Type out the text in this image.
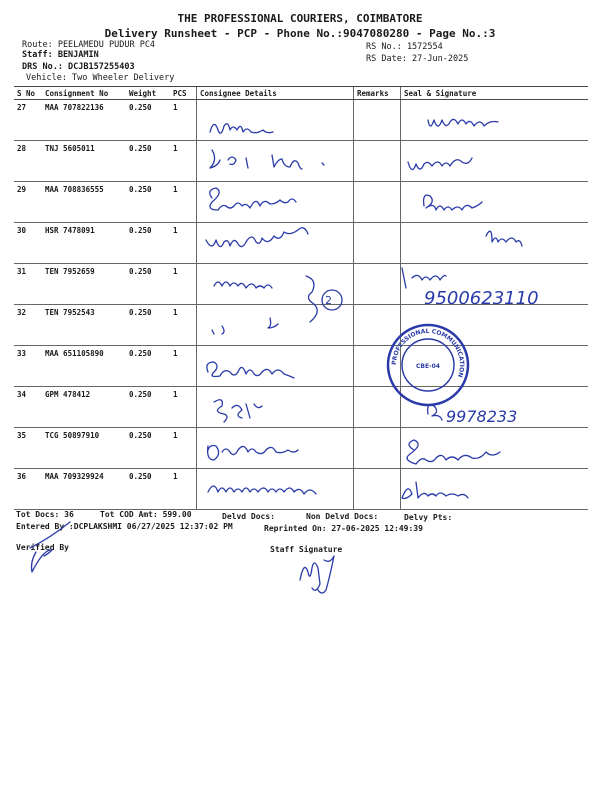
THE PROFESSIONAL COURIERS, COIMBATORE
Delivery Runsheet - PCP - Phone No.:9047080280 - Page No.:3
Route: PEELAMEDU PUDUR PC4
Staff: BENJAMIN
DRS No.: DCJB157255403
Vehicle: Two Wheeler Delivery
RS No.: 1572554
RS Date: 27-Jun-2025
S No	Consignment No	Weight	PCS	Consignee Details	Remarks	Seal & Signature
27	MAA 707822136	0.250	1			
28	TNJ 5605011	0.250	1			
29	MAA 708836555	0.250	1			
30	HSR 7478091	0.250	1			
31	TEN 7952659	0.250	1			
32	TEN 7952543	0.250	1			
33	MAA 651105890	0.250	1			
34	GPM 478412	0.250	1			
35	TCG 50897910	0.250	1			
36	MAA 709329924	0.250	1			
Tot Docs: 36	Tot COD Amt: 599.00	Delvd Docs:	Non Delvd Docs:	Delvy Pts:
Entered By :DCPLAKSHMI 06/27/2025 12:37:02 PM	Reprinted On: 27-06-2025 12:49:39
Verified By	Staff Signature
9500623110
2
9978233
PROFESSIONAL COMMUNICATION
CBE-04
